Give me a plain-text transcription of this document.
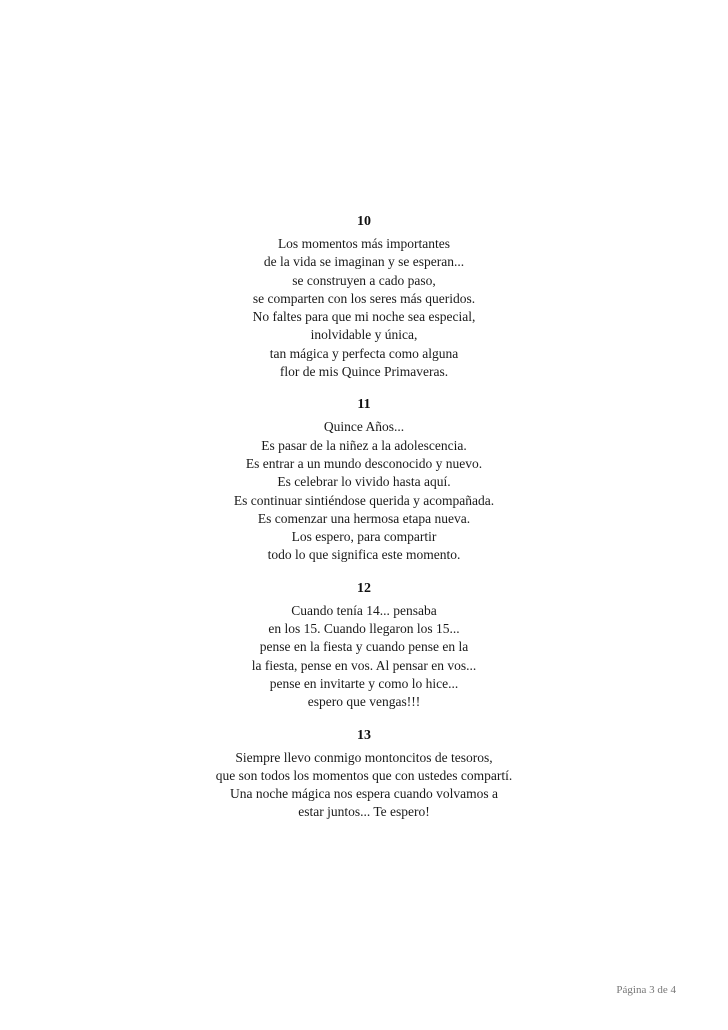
10
Los momentos más importantes
de la vida se imaginan y se esperan...
se construyen a cado paso,
se comparten con los seres más queridos.
No faltes para que mi noche sea especial,
inolvidable y única,
tan mágica y perfecta como alguna
flor de mis Quince Primaveras.
11
Quince Años...
Es pasar de la niñez a la adolescencia.
Es entrar a un mundo desconocido y nuevo.
Es celebrar lo vivido hasta aquí.
Es continuar sintiéndose querida y acompañada.
Es comenzar una hermosa etapa nueva.
Los espero, para compartir
todo lo que significa este momento.
12
Cuando tenía 14... pensaba
en los 15. Cuando llegaron los 15...
pense en la fiesta y cuando pense en la
la fiesta, pense en vos. Al pensar en vos...
pense en invitarte y como lo hice...
espero que vengas!!!
13
Siempre llevo conmigo montoncitos de tesoros,
que son todos los momentos que con ustedes compartí.
Una noche mágica nos espera cuando volvamos a
estar juntos... Te espero!
Página 3 de 4
